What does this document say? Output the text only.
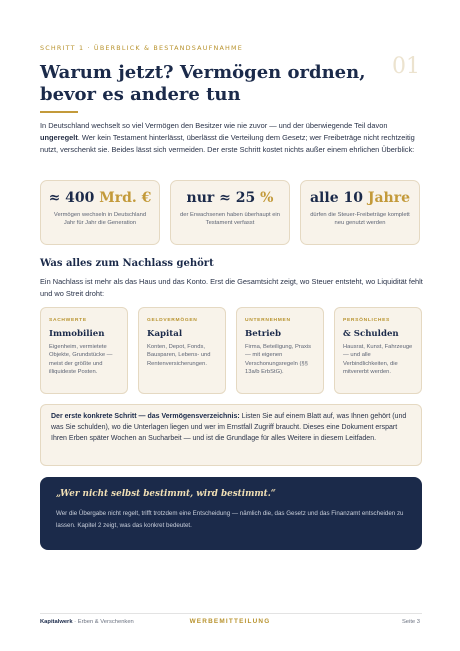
SCHRITT 1 · ÜBERBLICK & BESTANDSAUFNAHME
01
Warum jetzt? Vermögen ordnen, bevor es andere tun

In Deutschland wechselt so viel Vermögen den Besitzer wie nie zuvor — und der überwiegende Teil davon ungeregelt. Wer kein Testament hinterlässt, überlässt die Verteilung dem Gesetz; wer Freibeträge nicht rechtzeitig nutzt, verschenkt sie. Beides lässt sich vermeiden. Der erste Schritt kostet nichts außer einem ehrlichen Überblick:

≈ 400 Mrd. €
Vermögen wechseln in Deutschland Jahr für Jahr die Generation
nur ≈ 25 %
der Erwachsenen haben überhaupt ein Testament verfasst
alle 10 Jahre
dürfen die Steuer-Freibeträge komplett neu genutzt werden
Was alles zum Nachlass gehört

Ein Nachlass ist mehr als das Haus und das Konto. Erst die Gesamtsicht zeigt, wo Steuer entsteht, wo Liquidität fehlt und wo Streit droht:

SACHWERTE
Immobilien
Eigenheim, vermietete Objekte, Grundstücke — meist der größte und illiquideste Posten.
GELDVERMÖGEN
Kapital
Konten, Depot, Fonds, Bausparen, Lebens- und Rentenversicherungen.
UNTERNEHMEN
Betrieb
Firma, Beteiligung, Praxis — mit eigenen Verschonungsregeln (§§ 13a/b ErbStG).
PERSÖNLICHES
& Schulden
Hausrat, Kunst, Fahrzeuge — und alle Verbindlichkeiten, die mitvererbt werden.

Der erste konkrete Schritt — das Vermögensverzeichnis: Listen Sie auf einem Blatt auf, was Ihnen gehört (und was Sie schulden), wo die Unterlagen liegen und wer im Ernstfall Zugriff braucht. Dieses eine Dokument erspart Ihren Erben später Wochen an Sucharbeit — und ist die Grundlage für alles Weitere in diesem Leitfaden.

„Wer nicht selbst bestimmt, wird bestimmt.“
Wer die Übergabe nicht regelt, trifft trotzdem eine Entscheidung — nämlich die, das Gesetz und das Finanzamt entscheiden zu lassen. Kapitel 2 zeigt, was das konkret bedeutet.
Kapitalwerk · Erben & Verschenken	WERBEMITTEILUNG	Seite 3
